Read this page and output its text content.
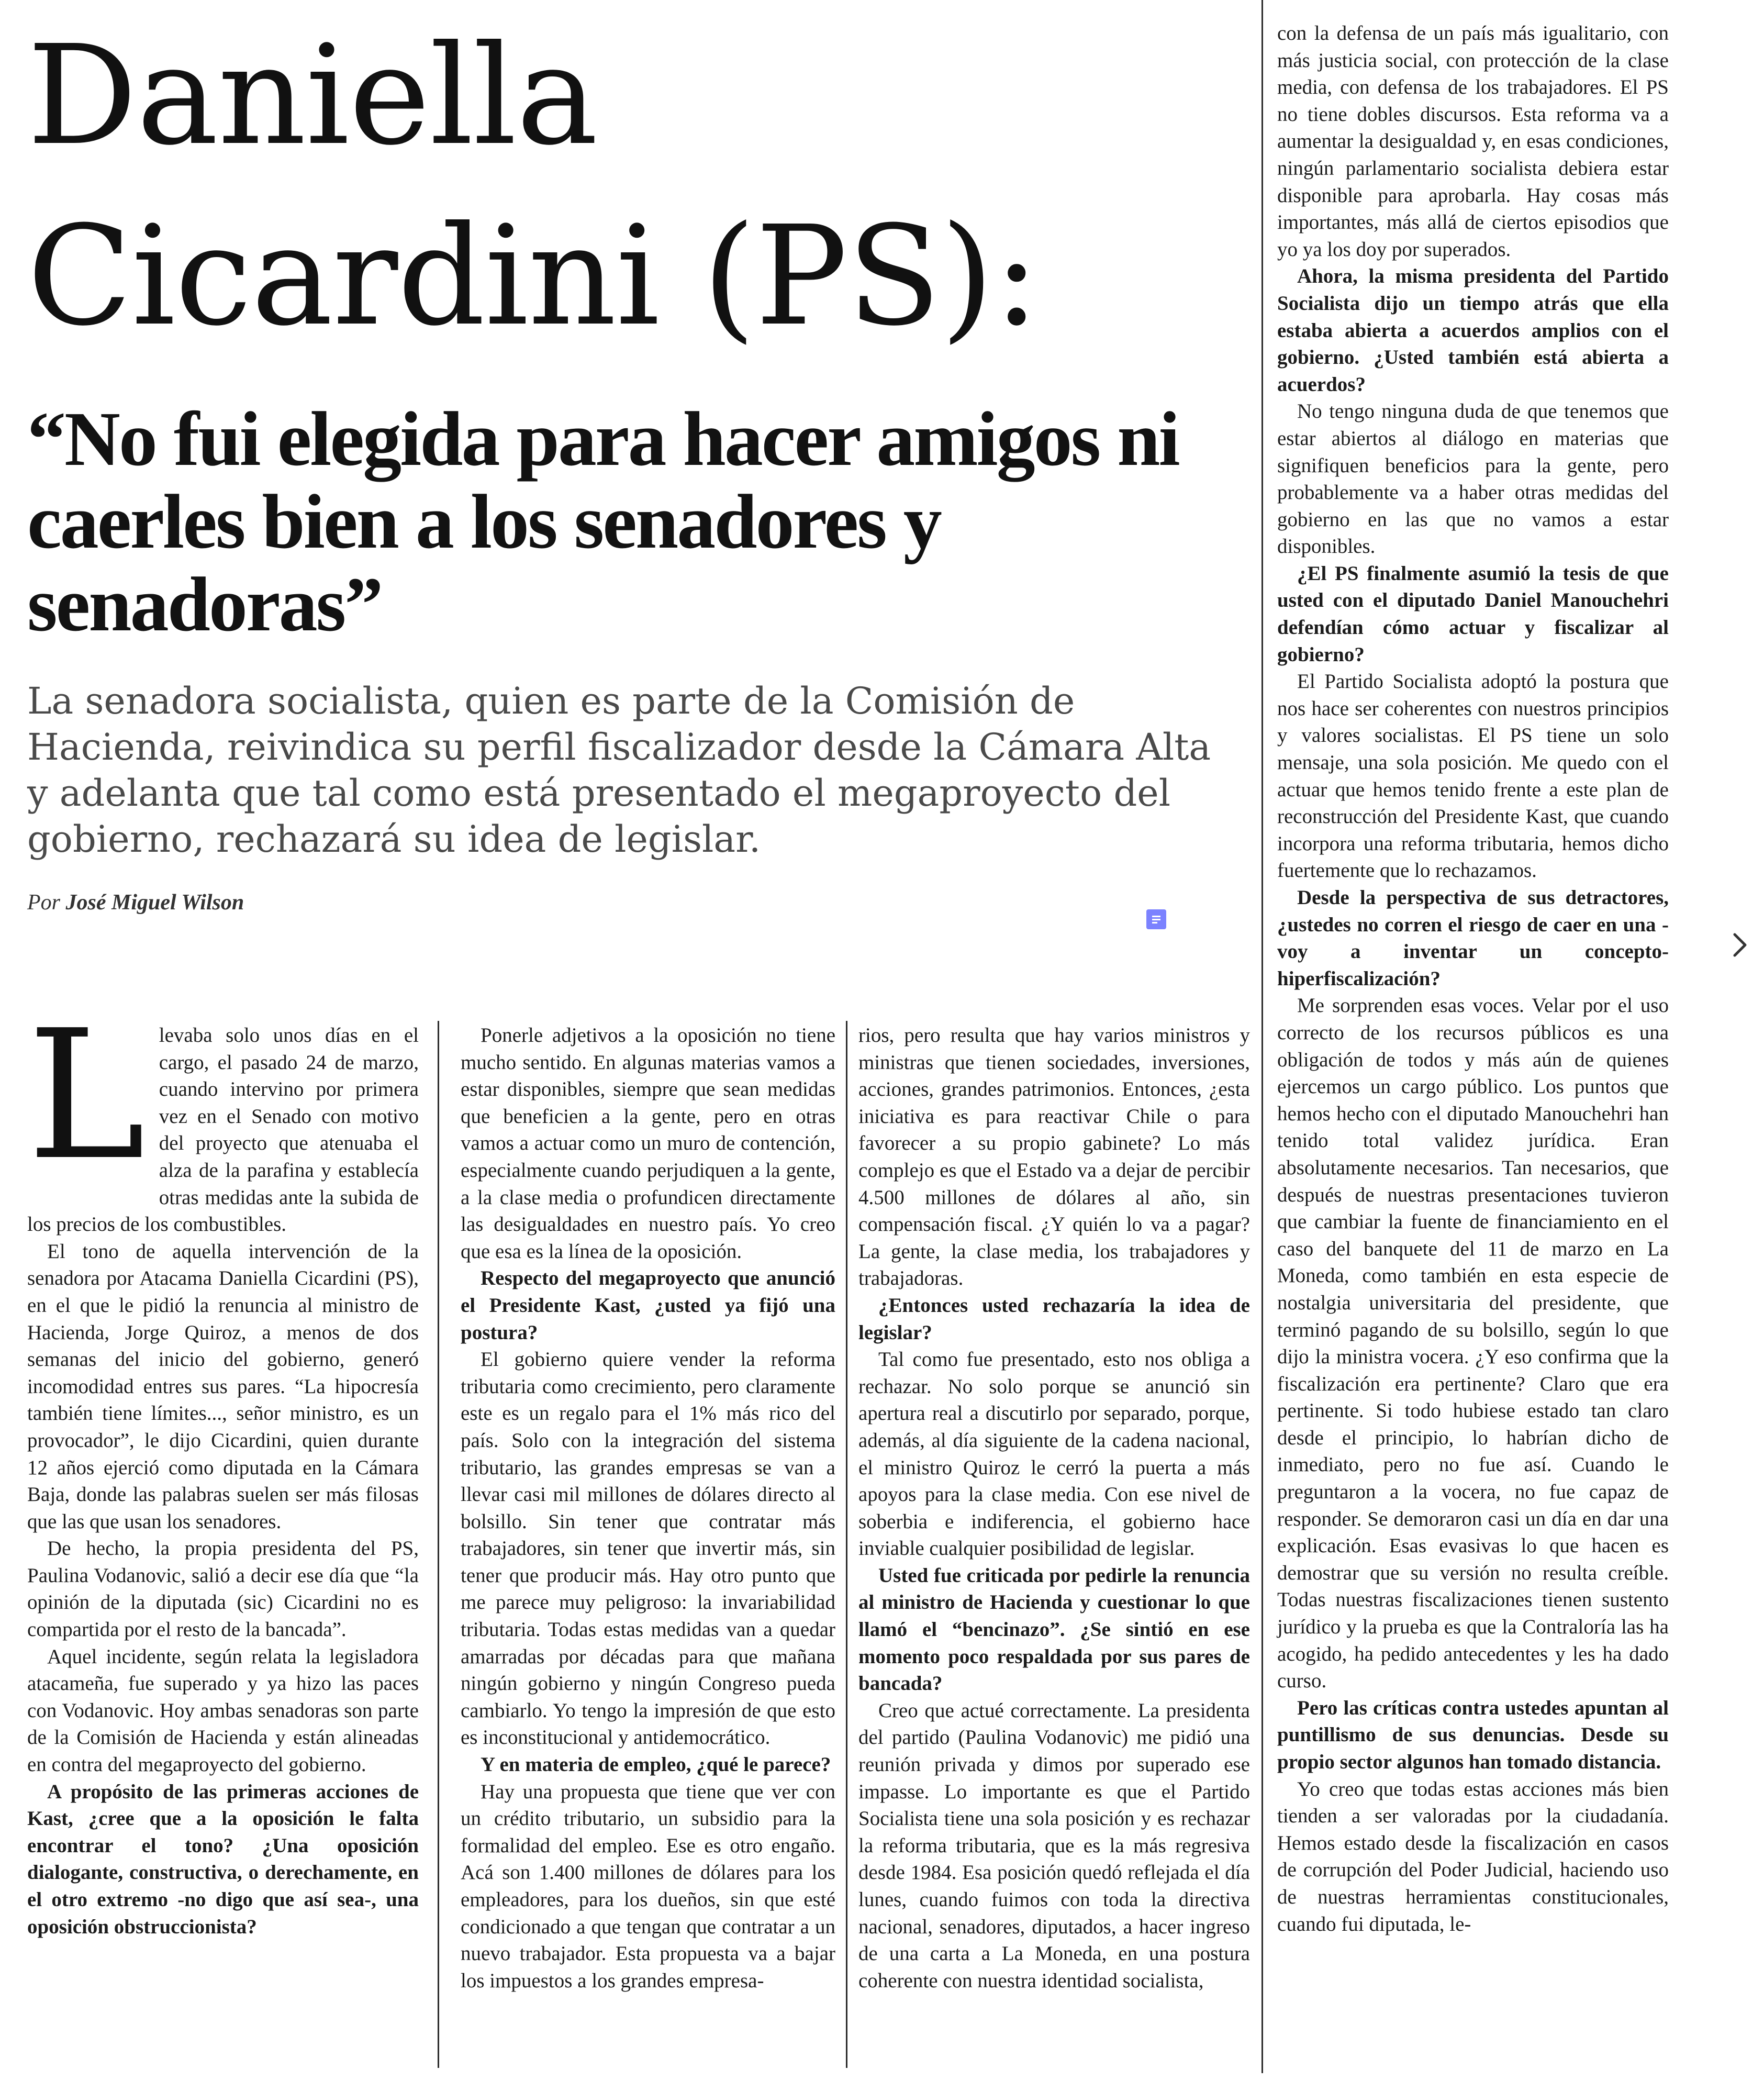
Daniella
Cicardini (PS):
“No fui elegida para hacer amigos ni caerles bien a los senadores y senadoras”

La senadora socialista, quien es parte de la Comisión de Hacienda, reivindica su perfil fiscalizador desde la Cámara Alta y adelanta que tal como está presentado el megaproyecto del gobierno, rechazará su idea de legislar.

Por José Miguel Wilson

L levaba solo unos días en el cargo, el pasado 24 de marzo, cuando intervino por primera vez en el Senado con motivo del proyecto que atenuaba el alza de la parafina y establecía otras medidas ante la subida de los precios de los combustibles.

El tono de aquella intervención de la senadora por Atacama Daniella Cicardini (PS), en el que le pidió la renuncia al ministro de Hacienda, Jorge Quiroz, a menos de dos semanas del inicio del gobierno, generó incomodidad entres sus pares. “La hipocresía también tiene límites..., señor ministro, es un provocador”, le dijo Cicardini, quien durante 12 años ejerció como diputada en la Cámara Baja, donde las palabras suelen ser más filosas que las que usan los senadores.

De hecho, la propia presidenta del PS, Paulina Vodanovic, salió a decir ese día que “la opinión de la diputada (sic) Cicardini no es compartida por el resto de la bancada”.

Aquel incidente, según relata la legisladora atacameña, fue superado y ya hizo las paces con Vodanovic. Hoy ambas senadoras son parte de la Comisión de Hacienda y están alineadas en contra del megaproyecto del gobierno.

A propósito de las primeras acciones de Kast, ¿cree que a la oposición le falta encontrar el tono? ¿Una oposición dialogante, constructiva, o derechamente, en el otro extremo -no digo que así sea-, una oposición obstruccionista?

Ponerle adjetivos a la oposición no tiene mucho sentido. En algunas materias vamos a estar disponibles, siempre que sean medidas que beneficien a la gente, pero en otras vamos a actuar como un muro de contención, especialmente cuando perjudiquen a la gente, a la clase media o profundicen directamente las desigualdades en nuestro país. Yo creo que esa es la línea de la oposición.

Respecto del megaproyecto que anunció el Presidente Kast, ¿usted ya fijó una postura?

El gobierno quiere vender la reforma tributaria como crecimiento, pero claramente este es un regalo para el 1% más rico del país. Solo con la integración del sistema tributario, las grandes empresas se van a llevar casi mil millones de dólares directo al bolsillo. Sin tener que contratar más trabajadores, sin tener que invertir más, sin tener que producir más. Hay otro punto que me parece muy peligroso: la invariabilidad tributaria. Todas estas medidas van a quedar amarradas por décadas para que mañana ningún gobierno y ningún Congreso pueda cambiarlo. Yo tengo la impresión de que esto es inconstitucional y antidemocrático.

Y en materia de empleo, ¿qué le parece?

Hay una propuesta que tiene que ver con un crédito tributario, un subsidio para la formalidad del empleo. Ese es otro engaño. Acá son 1.400 millones de dólares para los empleadores, para los dueños, sin que esté condicionado a que tengan que contratar a un nuevo trabajador. Esta propuesta va a bajar los impuestos a los grandes empresa-

rios, pero resulta que hay varios ministros y ministras que tienen sociedades, inversiones, acciones, grandes patrimonios. Entonces, ¿esta iniciativa es para reactivar Chile o para favorecer a su propio gabinete? Lo más complejo es que el Estado va a dejar de percibir 4.500 millones de dólares al año, sin compensación fiscal. ¿Y quién lo va a pagar? La gente, la clase media, los trabajadores y trabajadoras.

¿Entonces usted rechazaría la idea de legislar?

Tal como fue presentado, esto nos obliga a rechazar. No solo porque se anunció sin apertura real a discutirlo por separado, porque, además, al día siguiente de la cadena nacional, el ministro Quiroz le cerró la puerta a más apoyos para la clase media. Con ese nivel de soberbia e indiferencia, el gobierno hace inviable cualquier posibilidad de legislar.

Usted fue criticada por pedirle la renuncia al ministro de Hacienda y cuestionar lo que llamó el “bencinazo”. ¿Se sintió en ese momento poco respaldada por sus pares de bancada?

Creo que actué correctamente. La presidenta del partido (Paulina Vodanovic) me pidió una reunión privada y dimos por superado ese impasse. Lo importante es que el Partido Socialista tiene una sola posición y es rechazar la reforma tributaria, que es la más regresiva desde 1984. Esa posición quedó reflejada el día lunes, cuando fuimos con toda la directiva nacional, senadores, diputados, a hacer ingreso de una carta a La Moneda, en una postura coherente con nuestra identidad socialista,

con la defensa de un país más igualitario, con más justicia social, con protección de la clase media, con defensa de los trabajadores. El PS no tiene dobles discursos. Esta reforma va a aumentar la desigualdad y, en esas condiciones, ningún parlamentario socialista debiera estar disponible para aprobarla. Hay cosas más importantes, más allá de ciertos episodios que yo ya los doy por superados.

Ahora, la misma presidenta del Partido Socialista dijo un tiempo atrás que ella estaba abierta a acuerdos amplios con el gobierno. ¿Usted también está abierta a acuerdos?

No tengo ninguna duda de que tenemos que estar abiertos al diálogo en materias que signifiquen beneficios para la gente, pero probablemente va a haber otras medidas del gobierno en las que no vamos a estar disponibles.

¿El PS finalmente asumió la tesis de que usted con el diputado Daniel Manouchehri defendían cómo actuar y fiscalizar al gobierno?

El Partido Socialista adoptó la postura que nos hace ser coherentes con nuestros principios y valores socialistas. El PS tiene un solo mensaje, una sola posición. Me quedo con el actuar que hemos tenido frente a este plan de reconstrucción del Presidente Kast, que cuando incorpora una reforma tributaria, hemos dicho fuertemente que lo rechazamos.

Desde la perspectiva de sus detractores, ¿ustedes no corren el riesgo de caer en una -voy a inventar un concepto- hiperfiscalización?

Me sorprenden esas voces. Velar por el uso correcto de los recursos públicos es una obligación de todos y más aún de quienes ejercemos un cargo público. Los puntos que hemos hecho con el diputado Manouchehri han tenido total validez jurídica. Eran absolutamente necesarios. Tan necesarios, que después de nuestras presentaciones tuvieron que cambiar la fuente de financiamiento en el caso del banquete del 11 de marzo en La Moneda, como también en esta especie de nostalgia universitaria del presidente, que terminó pagando de su bolsillo, según lo que dijo la ministra vocera. ¿Y eso confirma que la fiscalización era pertinente? Claro que era pertinente. Si todo hubiese estado tan claro desde el principio, lo habrían dicho de inmediato, pero no fue así. Cuando le preguntaron a la vocera, no fue capaz de responder. Se demoraron casi un día en dar una explicación. Esas evasivas lo que hacen es demostrar que su versión no resulta creíble. Todas nuestras fiscalizaciones tienen sustento jurídico y la prueba es que la Contraloría las ha acogido, ha pedido antecedentes y les ha dado curso.

Pero las críticas contra ustedes apuntan al puntillismo de sus denuncias. Desde su propio sector algunos han tomado distancia.

Yo creo que todas estas acciones más bien tienden a ser valoradas por la ciudadanía. Hemos estado desde la fiscalización en casos de corrupción del Poder Judicial, haciendo uso de nuestras herramientas constitucionales, cuando fui diputada, le-
